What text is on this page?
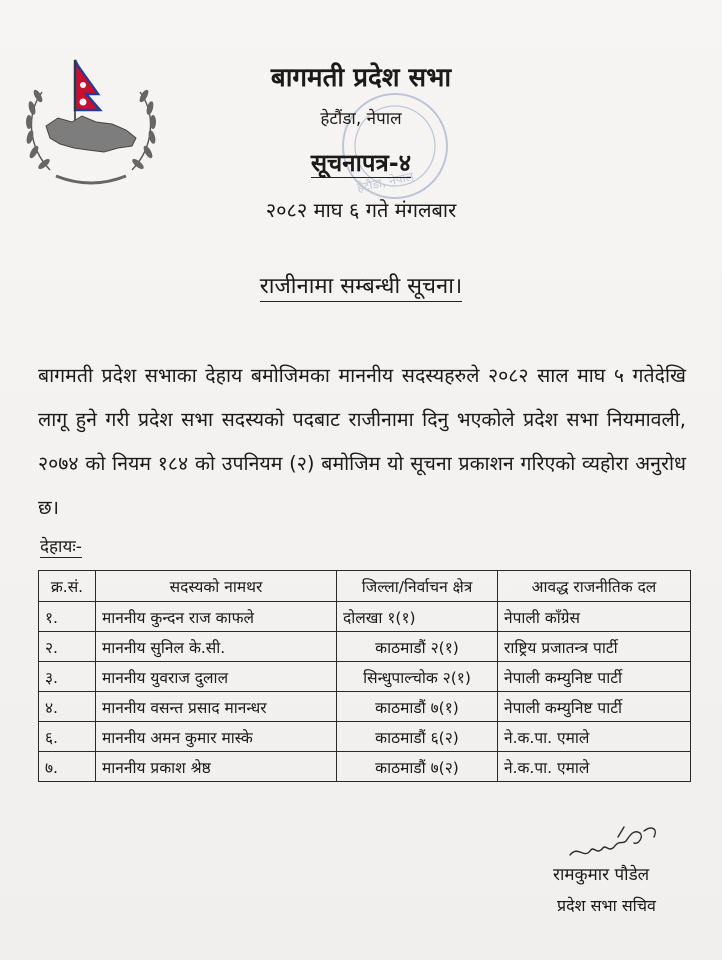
हेटौडा, नेपाल
बागमती प्रदेश सभा
हेटौंडा, नेपाल
सूचनापत्र-४
२०८२ माघ ६ गते मंगलबार
राजीनामा सम्बन्धी सूचना।
बागमती प्रदेश सभाका देहाय बमोजिमका माननीय सदस्यहरुले २०८२ साल माघ ५ गतेदेखि लागू हुने गरी प्रदेश सभा सदस्यको पदबाट राजीनामा दिनु भएकोले प्रदेश सभा नियमावली, २०७४ को नियम १८४ को उपनियम (२) बमोजिम यो सूचना प्रकाशन गरिएको व्यहोरा अनुरोध छ।
देहायः-
क्र.सं.	सदस्यको नामथर	जिल्ला/निर्वाचन क्षेत्र	आवद्ध राजनीतिक दल
१.	माननीय कुन्दन राज काफले	दोलखा १(१)	नेपाली काँग्रेस
२.	माननीय सुनिल के.सी.	काठमाडौं २(१)	राष्ट्रिय प्रजातन्त्र पार्टी
३.	माननीय युवराज दुलाल	सिन्धुपाल्चोक २(१)	नेपाली कम्युनिष्ट पार्टी
४.	माननीय वसन्त प्रसाद मानन्धर	काठमाडौं ७(१)	नेपाली कम्युनिष्ट पार्टी
६.	माननीय अमन कुमार मास्के	काठमाडौं ६(२)	ने.क.पा. एमाले
७.	माननीय प्रकाश श्रेष्ठ	काठमाडौं ७(२)	ने.क.पा. एमाले
रामकुमार पौडेल
प्रदेश सभा सचिव
